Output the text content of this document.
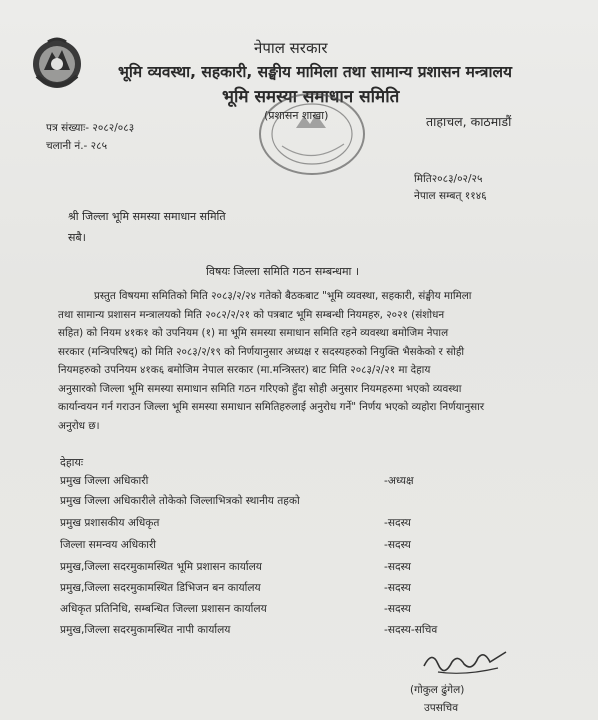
नेपाल सरकार
भूमि व्यवस्था, सहकारी, सङ्घीय मामिला तथा सामान्य प्रशासन मन्त्रालय
भूमि समस्या समाधान समिति
(प्रशासन शाखा)	ताहाचल, काठमाडौं
पत्र संख्याः- २०८२/०८३
चलानी नं.- २८५
मिति२०८३/०२/२५
नेपाल सम्बत् ११४६
श्री जिल्ला भूमि समस्या समाधान समिति
सबै।
विषयः जिल्ला समिति गठन सम्बन्धमा ।
प्रस्तुत विषयमा समितिको मिति २०८३/२/२४ गतेको बैठकबाट "भूमि व्यवस्था, सहकारी, संङ्घीय मामिला
तथा सामान्य प्रशासन मन्त्रालयको मिति २०८२/२/२१ को पत्रबाट भूमि सम्बन्धी नियमहरु, २०२१ (संशोधन
सहित) को नियम ४१क१ को उपनियम (१) मा भूमि समस्या समाधान समिति रहने व्यवस्था बमोजिम नेपाल
सरकार (मन्त्रिपरिषद्) को मिति २०८३/२/१९ को निर्णयानुसार अध्यक्ष र सदस्यहरुको नियुक्ति भैसकेको र सोही
नियमहरुको उपनियम ४१क६ बमोजिम नेपाल सरकार (मा.मन्त्रिस्तर) बाट मिति २०८३/२/२१ मा देहाय
अनुसारको जिल्ला भूमि समस्या समाधान समिति गठन गरिएको हुँदा सोही अनुसार नियमहरुमा भएको व्यवस्था
कार्यान्वयन गर्न गराउन जिल्ला भूमि समस्या समाधान समितिहरुलाई अनुरोध गर्ने" निर्णय भएको व्यहोरा निर्णयानुसार
अनुरोध छ।
देहायः
प्रमुख जिल्ला अधिकारी	-अध्यक्ष
प्रमुख जिल्ला अधिकारीले तोकेको जिल्लाभित्रको स्थानीय तहको
प्रमुख प्रशासकीय अधिकृत	-सदस्य
जिल्ला समन्वय अधिकारी	-सदस्य
प्रमुख,जिल्ला सदरमुकामस्थित भूमि प्रशासन कार्यालय	-सदस्य
प्रमुख,जिल्ला सदरमुकामस्थित डिभिजन बन कार्यालय	-सदस्य
अधिकृत प्रतिनिधि, सम्बन्धित जिल्ला प्रशासन कार्यालय	-सदस्य
प्रमुख,जिल्ला सदरमुकामस्थित नापी कार्यालय	-सदस्य-सचिव
(गोकुल ढुंगेल)
उपसचिव
